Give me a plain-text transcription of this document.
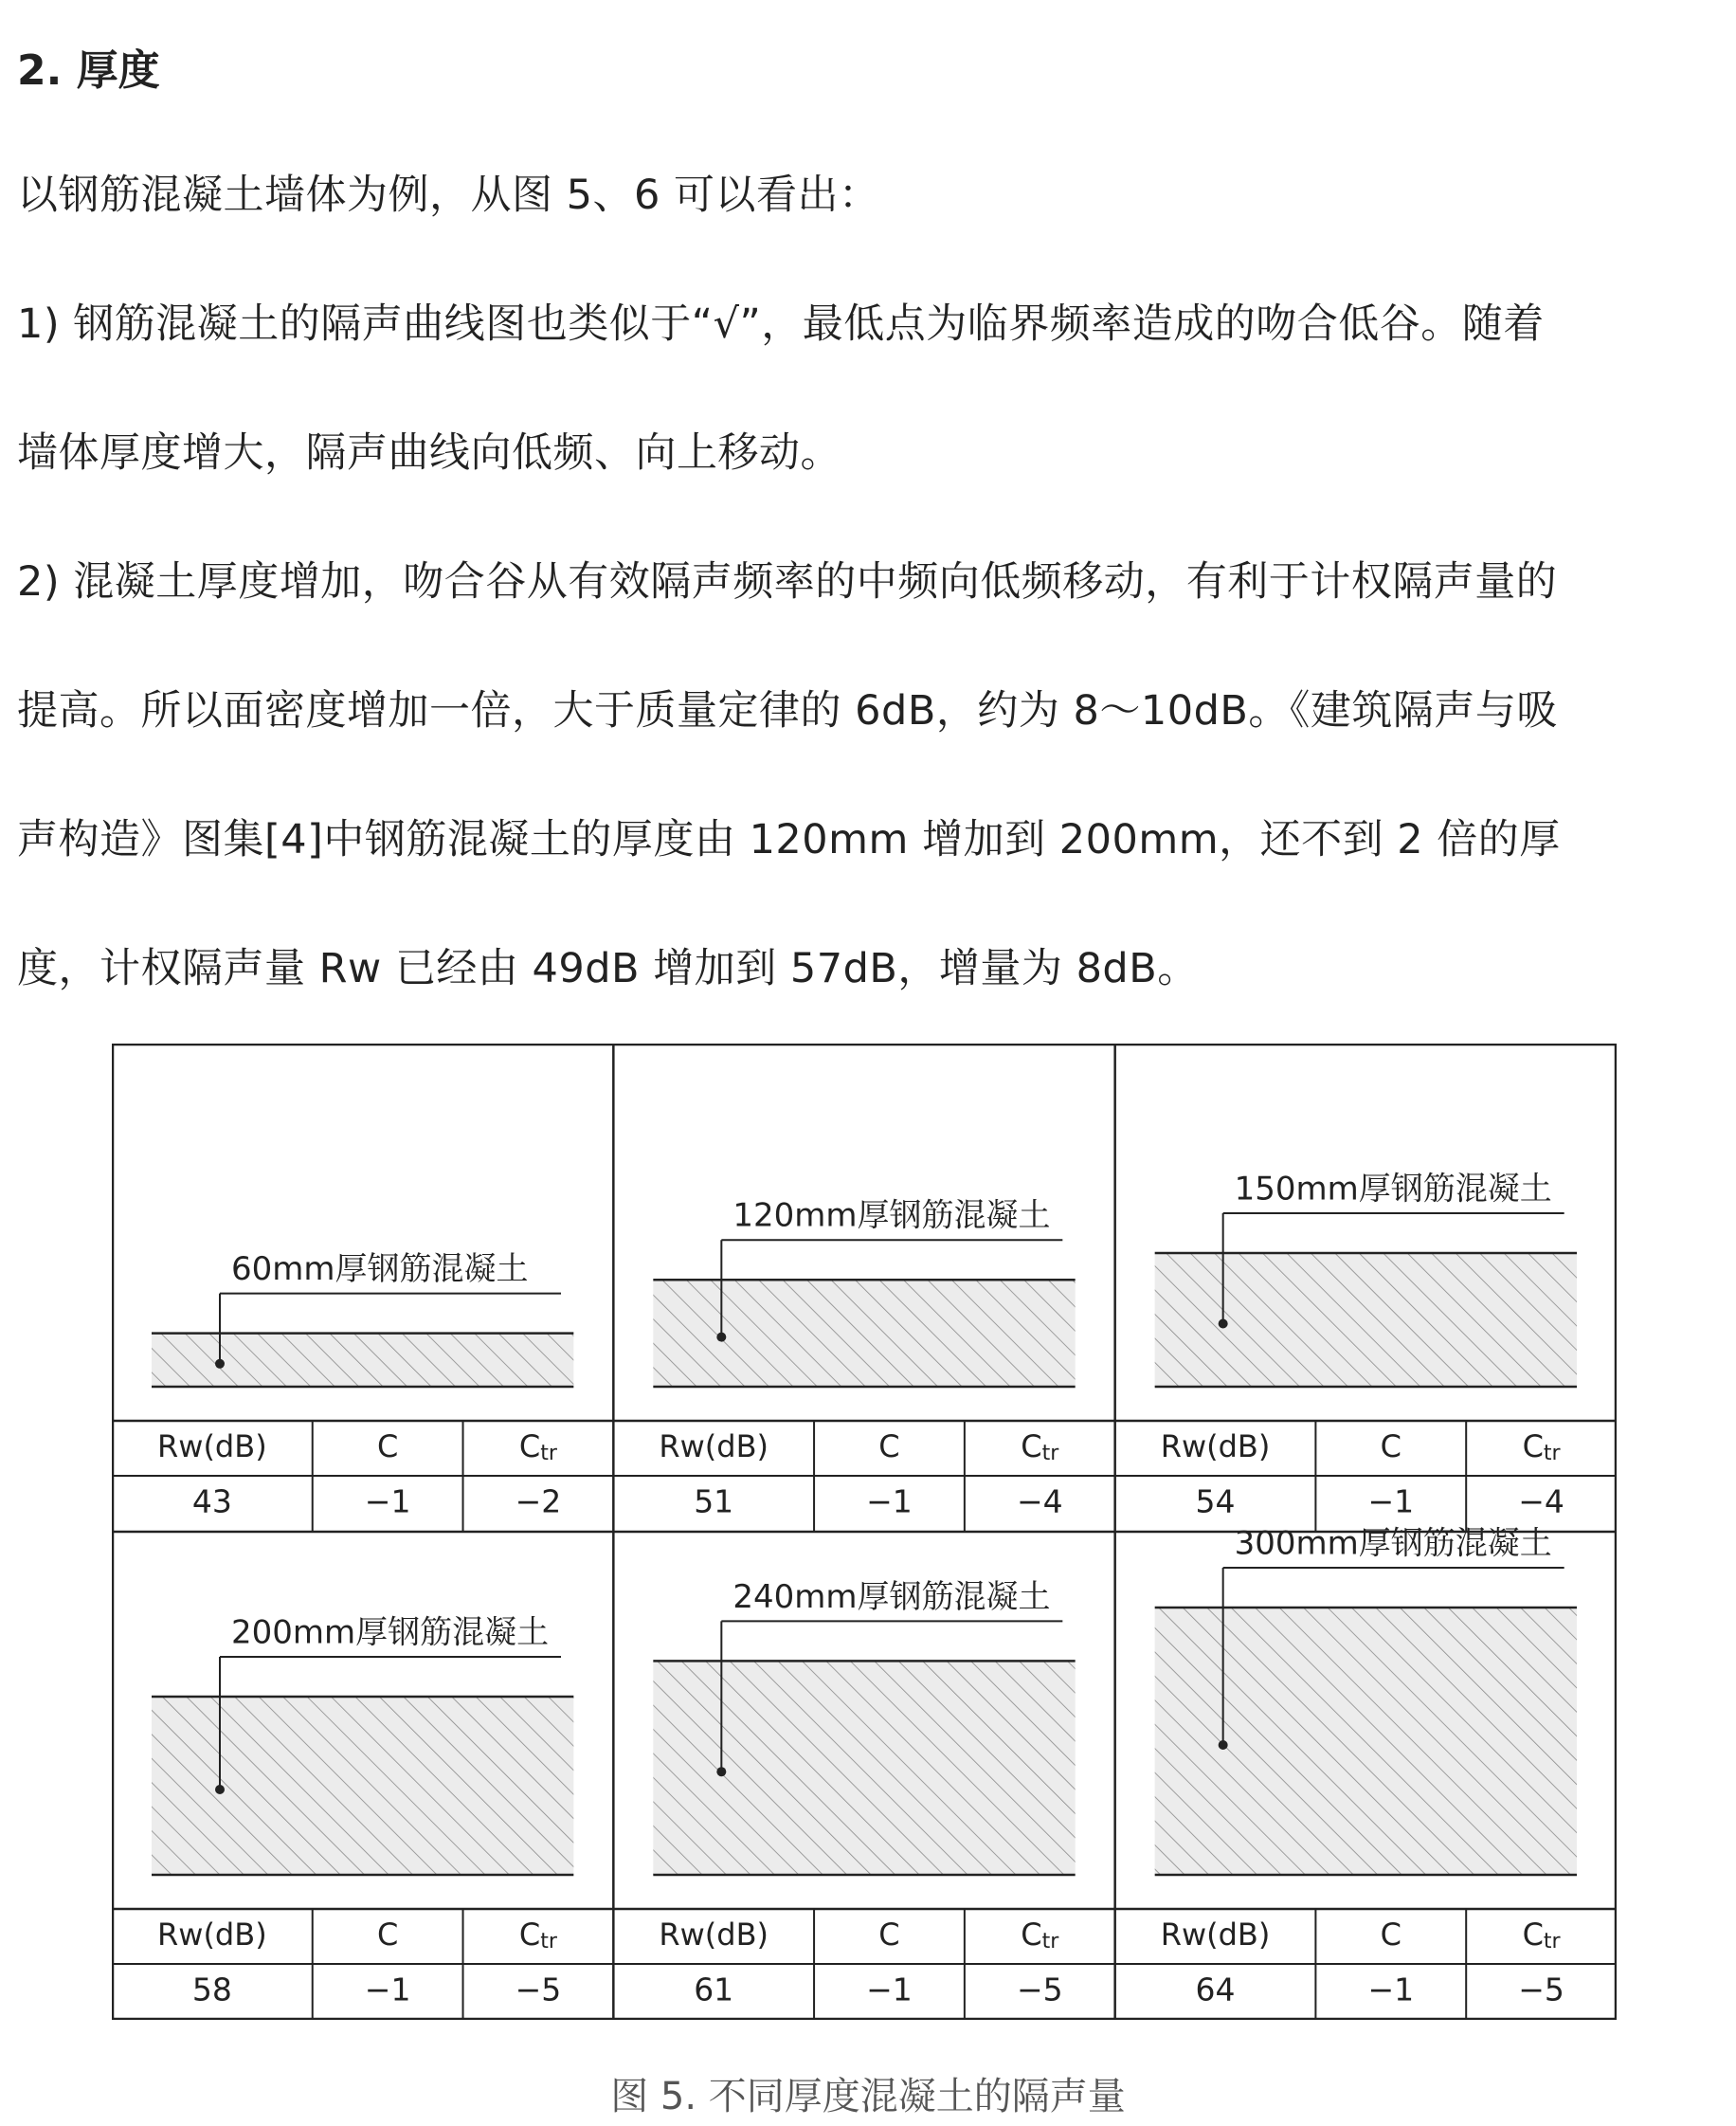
2. 厚度
以钢筋混凝土墙体为例，从图 5、6 可以看出：
1) 钢筋混凝土的隔声曲线图也类似于“√”，最低点为临界频率造成的吻合低谷。随着
墙体厚度增大，隔声曲线向低频、向上移动。
2) 混凝土厚度增加，吻合谷从有效隔声频率的中频向低频移动，有利于计权隔声量的
提高。所以面密度增加一倍，大于质量定律的 6dB，约为 8～10dB。《建筑隔声与吸
声构造》图集[4]中钢筋混凝土的厚度由 120mm 增加到 200mm，还不到 2 倍的厚
度，计权隔声量 Rw 已经由 49dB 增加到 57dB，增量为 8dB。
60mm厚钢筋混凝土
Rw(dB)	C	Ctr
43	−1	−2
120mm厚钢筋混凝土
Rw(dB)	C	Ctr
51	−1	−4
150mm厚钢筋混凝土
Rw(dB)	C	Ctr
54	−1	−4
200mm厚钢筋混凝土
Rw(dB)	C	Ctr
58	−1	−5
240mm厚钢筋混凝土
Rw(dB)	C	Ctr
61	−1	−5
300mm厚钢筋混凝土
Rw(dB)	C	Ctr
64	−1	−5
图 5. 不同厚度混凝土的隔声量
